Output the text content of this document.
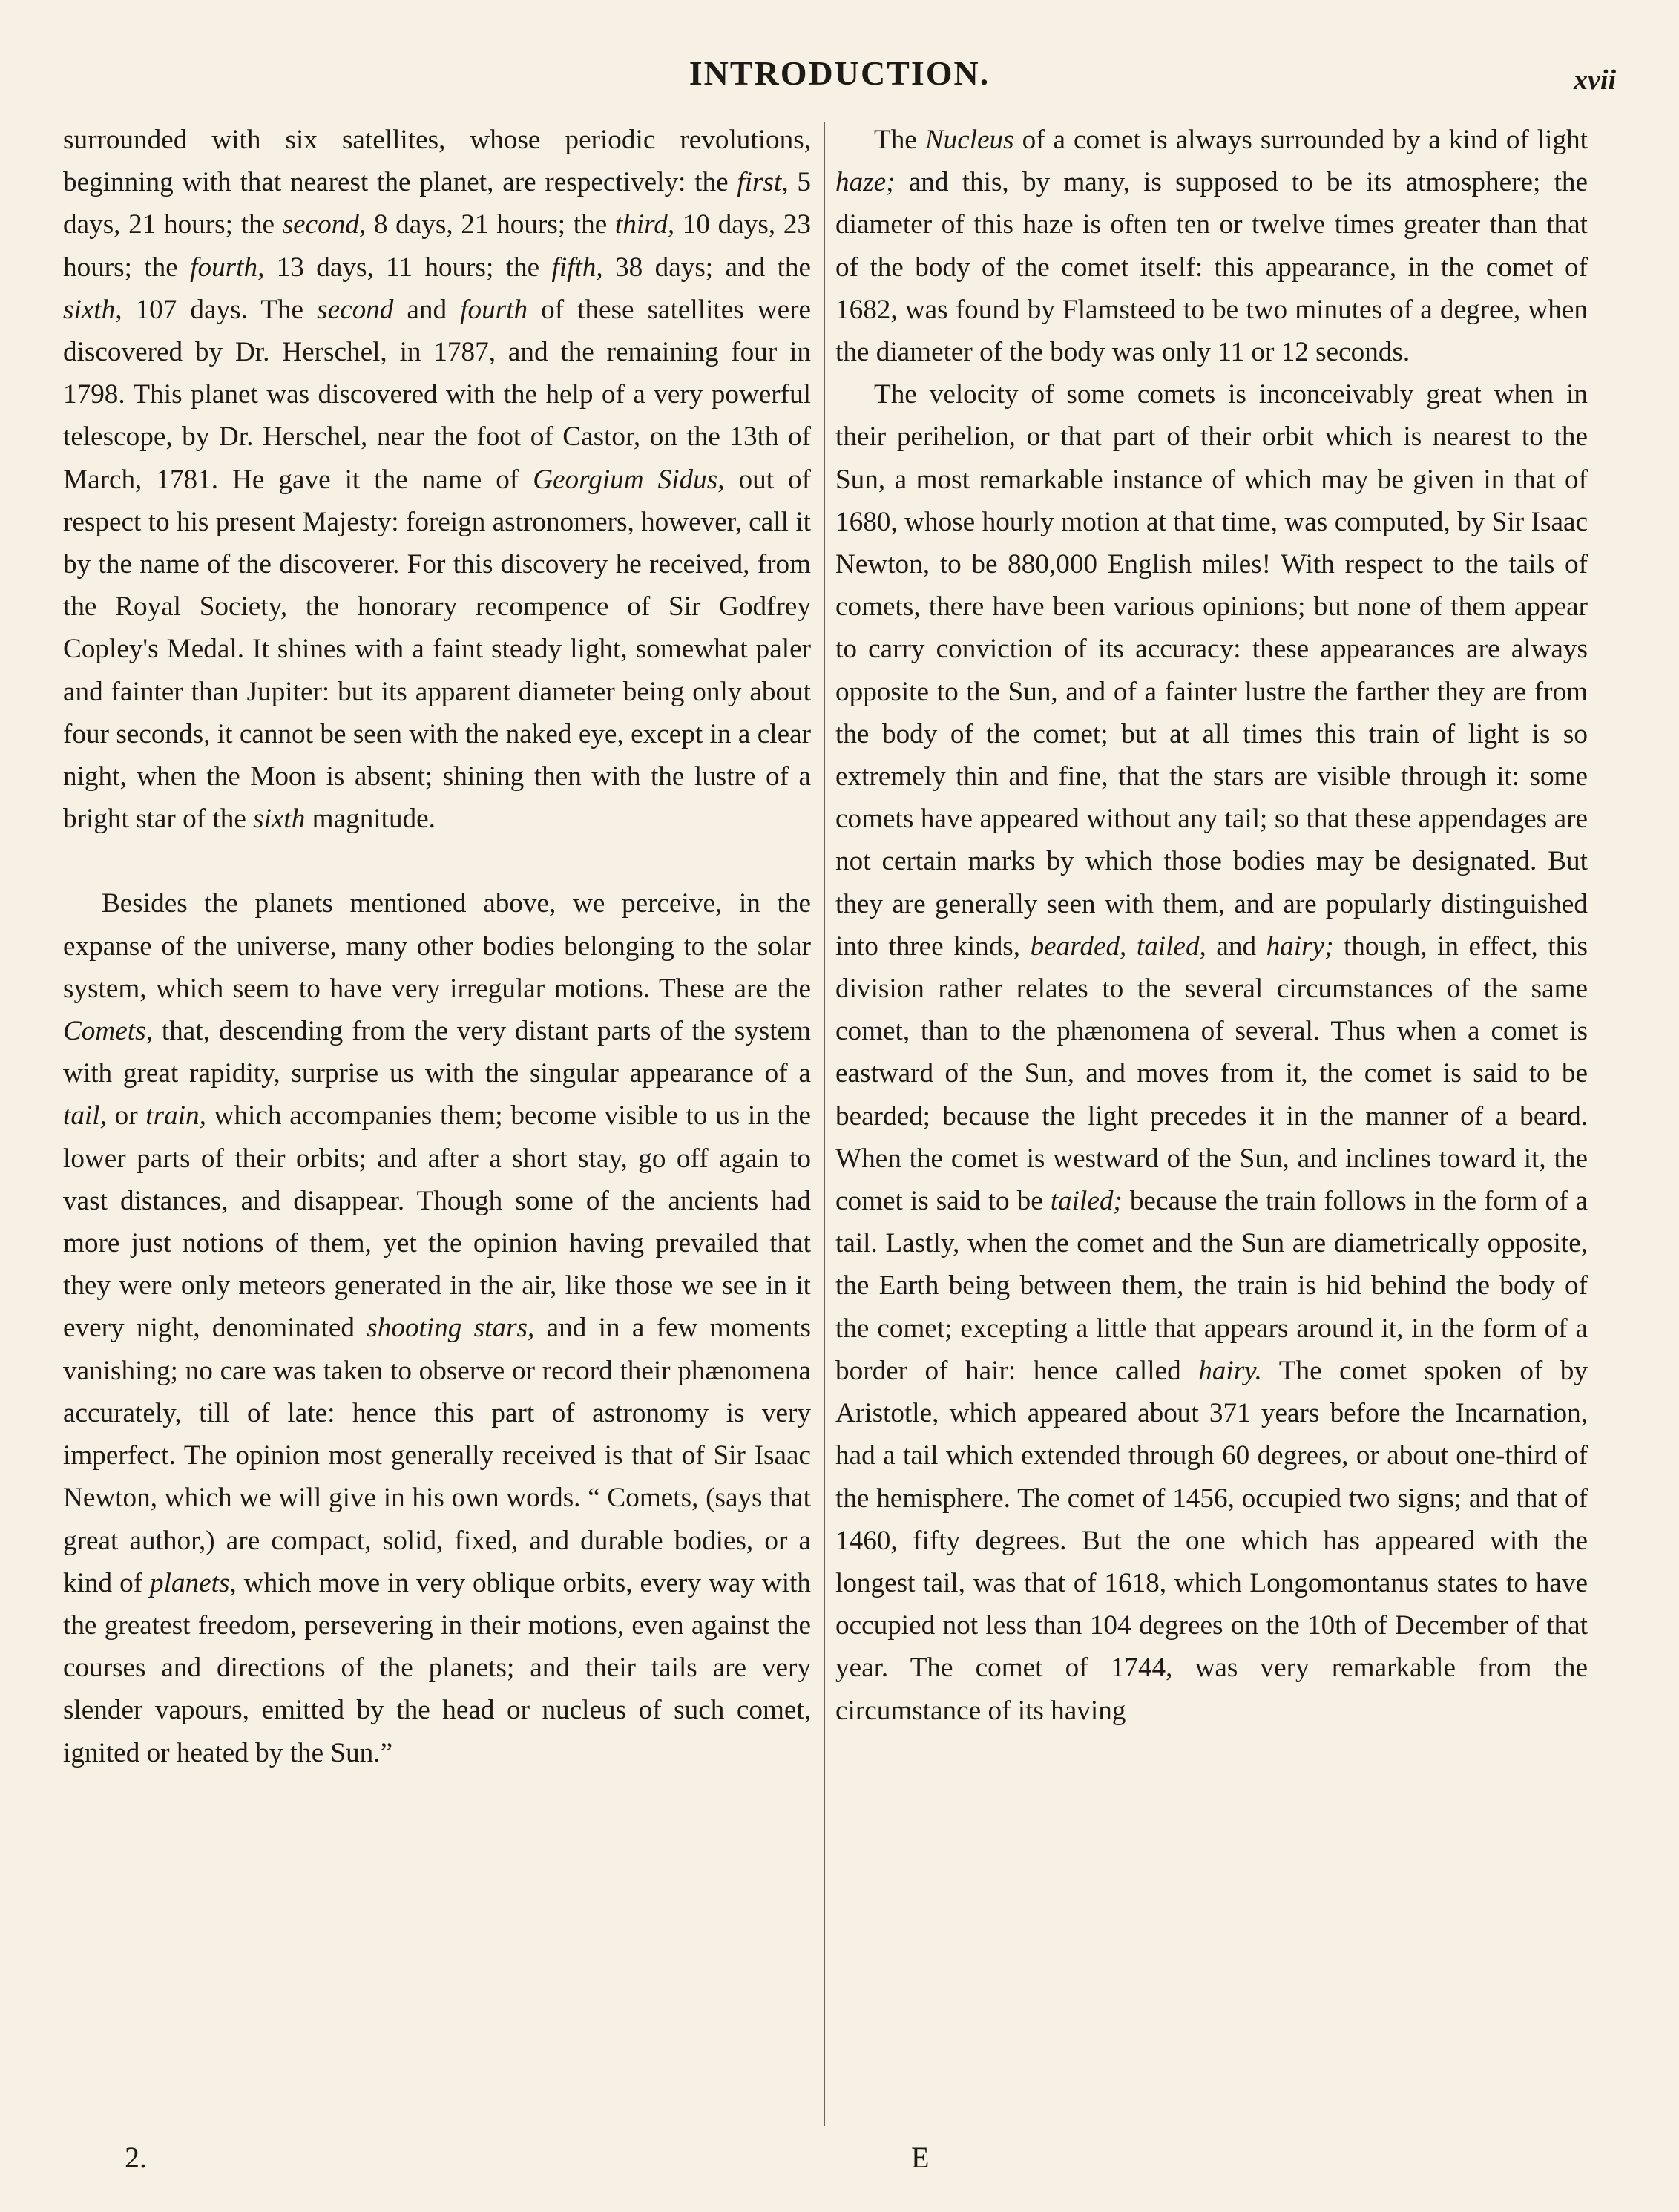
INTRODUCTION.	xvii

surrounded with six satellites, whose periodic revolutions, beginning with that nearest the planet, are respectively: the first, 5 days, 21 hours; the second, 8 days, 21 hours; the third, 10 days, 23 hours; the fourth, 13 days, 11 hours; the fifth, 38 days; and the sixth, 107 days. The second and fourth of these satellites were discovered by Dr. Herschel, in 1787, and the remaining four in 1798. This planet was discovered with the help of a very powerful telescope, by Dr. Herschel, near the foot of Castor, on the 13th of March, 1781. He gave it the name of Georgium Sidus, out of respect to his present Majesty: foreign astronomers, however, call it by the name of the discoverer. For this discovery he received, from the Royal Society, the honorary recompence of Sir Godfrey Copley's Medal. It shines with a faint steady light, somewhat paler and fainter than Jupiter: but its apparent diameter being only about four seconds, it cannot be seen with the naked eye, except in a clear night, when the Moon is absent; shining then with the lustre of a bright star of the sixth magnitude.

Besides the planets mentioned above, we perceive, in the expanse of the universe, many other bodies belonging to the solar system, which seem to have very irregular motions. These are the Comets, that, descending from the very distant parts of the system with great rapidity, surprise us with the singular appearance of a tail, or train, which accompanies them; become visible to us in the lower parts of their orbits; and after a short stay, go off again to vast distances, and disappear. Though some of the ancients had more just notions of them, yet the opinion having prevailed that they were only meteors generated in the air, like those we see in it every night, denominated shooting stars, and in a few moments vanishing; no care was taken to observe or record their phænomena accurately, till of late: hence this part of astronomy is very imperfect. The opinion most generally received is that of Sir Isaac Newton, which we will give in his own words. “ Comets, (says that great author,) are compact, solid, fixed, and durable bodies, or a kind of planets, which move in very oblique orbits, every way with the greatest freedom, persevering in their motions, even against the courses and directions of the planets; and their tails are very slender vapours, emitted by the head or nucleus of such comet, ignited or heated by the Sun.”

The Nucleus of a comet is always surrounded by a kind of light haze; and this, by many, is supposed to be its atmosphere; the diameter of this haze is often ten or twelve times greater than that of the body of the comet itself: this appearance, in the comet of 1682, was found by Flamsteed to be two minutes of a degree, when the diameter of the body was only 11 or 12 seconds.

The velocity of some comets is inconceivably great when in their perihelion, or that part of their orbit which is nearest to the Sun, a most remarkable instance of which may be given in that of 1680, whose hourly motion at that time, was computed, by Sir Isaac Newton, to be 880,000 English miles! With respect to the tails of comets, there have been various opinions; but none of them appear to carry conviction of its accuracy: these appearances are always opposite to the Sun, and of a fainter lustre the farther they are from the body of the comet; but at all times this train of light is so extremely thin and fine, that the stars are visible through it: some comets have appeared without any tail; so that these appendages are not certain marks by which those bodies may be designated. But they are generally seen with them, and are popularly distinguished into three kinds, bearded, tailed, and hairy; though, in effect, this division rather relates to the several circumstances of the same comet, than to the phænomena of several. Thus when a comet is eastward of the Sun, and moves from it, the comet is said to be bearded; because the light precedes it in the manner of a beard. When the comet is westward of the Sun, and inclines toward it, the comet is said to be tailed; because the train follows in the form of a tail. Lastly, when the comet and the Sun are diametrically opposite, the Earth being between them, the train is hid behind the body of the comet; excepting a little that appears around it, in the form of a border of hair: hence called hairy. The comet spoken of by Aristotle, which appeared about 371 years before the Incarnation, had a tail which extended through 60 degrees, or about one-third of the hemisphere. The comet of 1456, occupied two signs; and that of 1460, fifty degrees. But the one which has appeared with the longest tail, was that of 1618, which Longomontanus states to have occupied not less than 104 degrees on the 10th of December of that year. The comet of 1744, was very remarkable from the circumstance of its having

2.	E
